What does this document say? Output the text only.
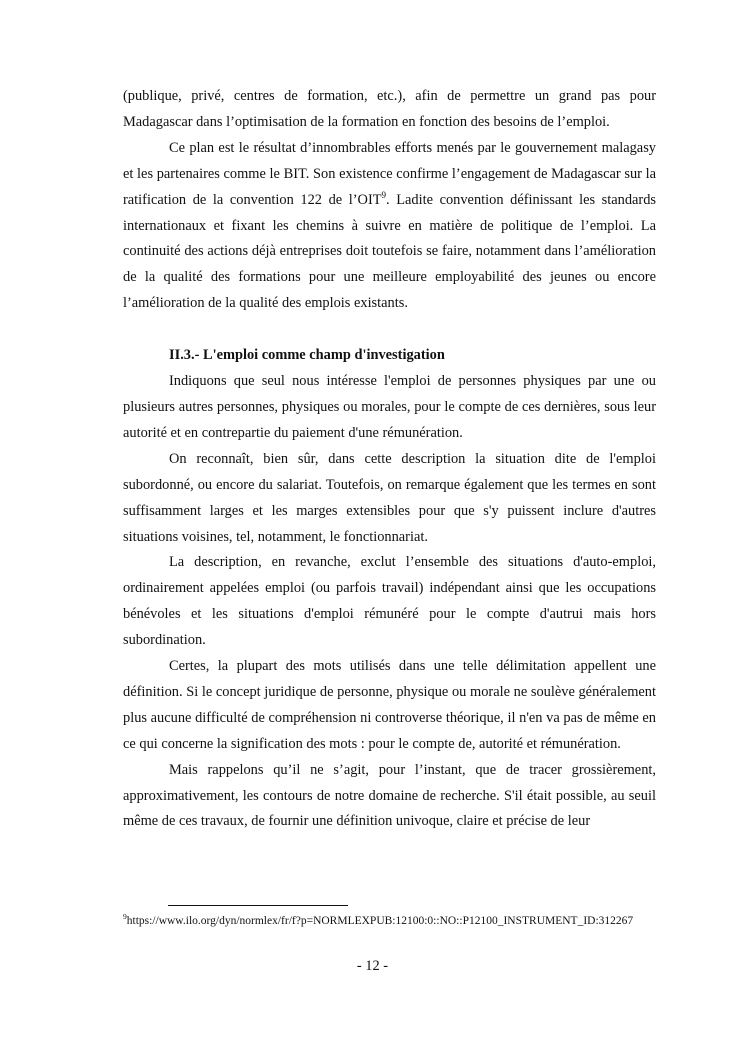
(publique, privé, centres de formation, etc.), afin de permettre un grand pas pour Madagascar dans l’optimisation de la formation en fonction des besoins de l’emploi.

Ce plan est le résultat d’innombrables efforts menés par le gouvernement malagasy et les partenaires comme le BIT. Son existence confirme l’engagement de Madagascar sur la ratification de la convention 122 de l’OIT$^9$. Ladite convention définissant les standards internationaux et fixant les chemins à suivre en matière de politique de l’emploi. La continuité des actions déjà entreprises doit toutefois se faire, notamment dans l’amélioration de la qualité des formations pour une meilleure employabilité des jeunes ou encore l’amélioration de la qualité des emplois existants.

II.3.- L'emploi comme champ d'investigation

Indiquons que seul nous intéresse l'emploi de personnes physiques par une ou plusieurs autres personnes, physiques ou morales, pour le compte de ces dernières, sous leur autorité et en contrepartie du paiement d'une rémunération.

On reconnaît, bien sûr, dans cette description la situation dite de l'emploi subordonné, ou encore du salariat. Toutefois, on remarque également que les termes en sont suffisamment larges et les marges extensibles pour que s'y puissent inclure d'autres situations voisines, tel, notamment, le fonctionnariat.

La description, en revanche, exclut l’ensemble des situations d'auto-emploi, ordinairement appelées emploi (ou parfois travail) indépendant ainsi que les occupations bénévoles et les situations d'emploi rémunéré pour le compte d'autrui mais hors subordination.

Certes, la plupart des mots utilisés dans une telle délimitation appellent une définition. Si le concept juridique de personne, physique ou morale ne soulève généralement plus aucune difficulté de compréhension ni controverse théorique, il n'en va pas de même en ce qui concerne la signification des mots : pour le compte de, autorité et rémunération.

Mais rappelons qu’il ne s’agit, pour l’instant, que de tracer grossièrement, approximativement, les contours de notre domaine de recherche. S'il était possible, au seuil même de ces travaux, de fournir une définition univoque, claire et précise de leur

$^9$https://www.ilo.org/dyn/normlex/fr/f?p=NORMLEXPUB:12100:0::NO::P12100_INSTRUMENT_ID:312267
- 12 -
